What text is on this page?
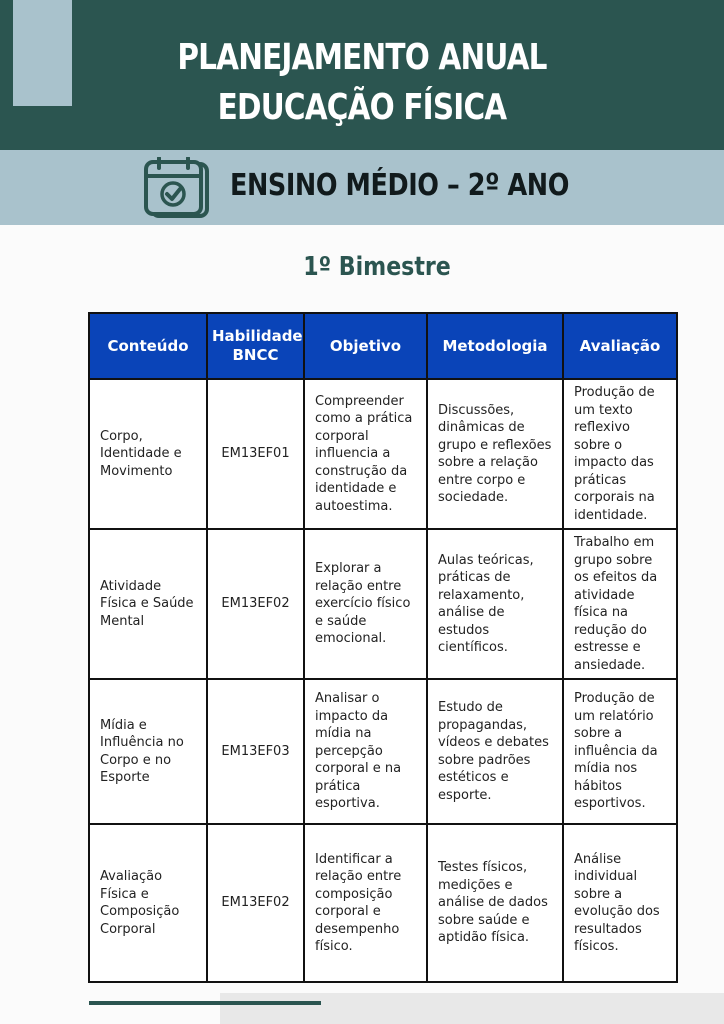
PLANEJAMENTO ANUAL
EDUCAÇÃO FÍSICA
ENSINO MÉDIO – 2º ANO
1º Bimestre
Conteúdo	Habilidade BNCC	Objetivo	Metodologia	Avaliação
Corpo, Identidade e Movimento	EM13EF01	Compreender como a prática corporal influencia a construção da identidade e autoestima.	Discussões, dinâmicas de grupo e reflexões sobre a relação entre corpo e sociedade.	Produção de um texto reflexivo sobre o impacto das práticas corporais na identidade.
Atividade Física e Saúde Mental	EM13EF02	Explorar a relação entre exercício físico e saúde emocional.	Aulas teóricas, práticas de relaxamento, análise de estudos científicos.	Trabalho em grupo sobre os efeitos da atividade física na redução do estresse e ansiedade.
Mídia e Influência no Corpo e no Esporte	EM13EF03	Analisar o impacto da mídia na percepção corporal e na prática esportiva.	Estudo de propagandas, vídeos e debates sobre padrões estéticos e esporte.	Produção de um relatório sobre a influência da mídia nos hábitos esportivos.
Avaliação Física e Composição Corporal	EM13EF02	Identificar a relação entre composição corporal e desempenho físico.	Testes físicos, medições e análise de dados sobre saúde e aptidão física.	Análise individual sobre a evolução dos resultados físicos.
